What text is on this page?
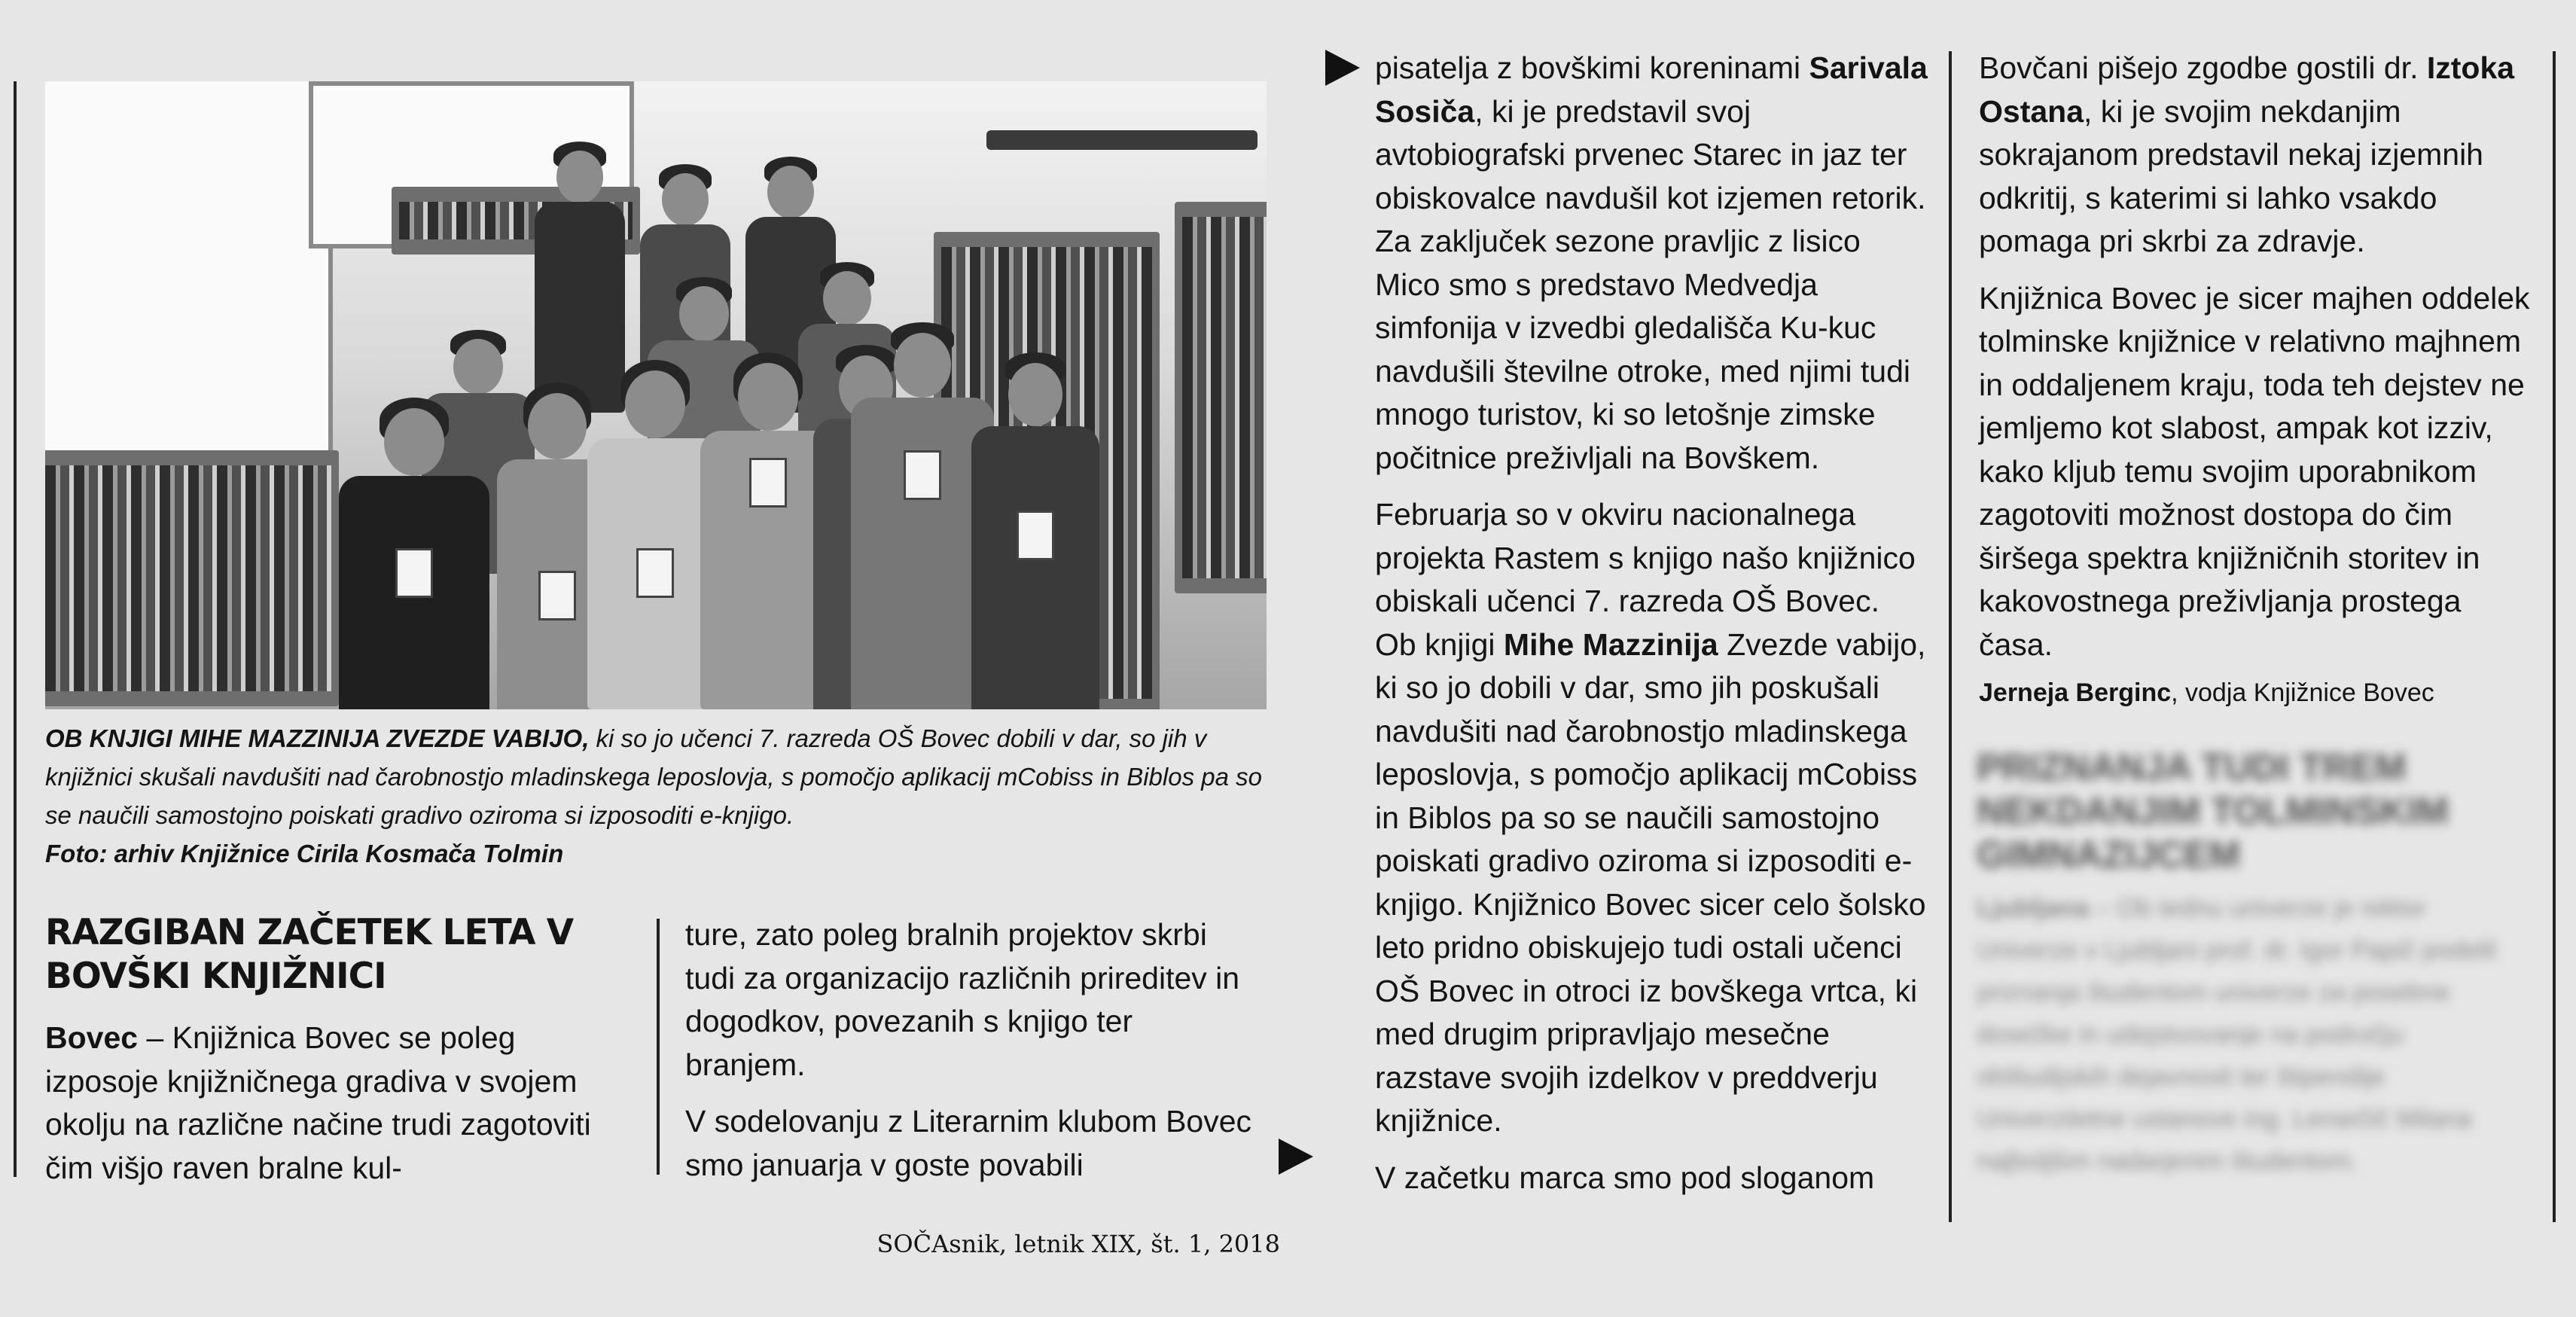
OB KNJIGI MIHE MAZZINIJA ZVEZDE VABIJO, ki so jo učenci 7. razreda OŠ Bovec dobili v dar, so jih v knjižnici skušali navdušiti nad čarobnostjo mladinskega leposlovja, s pomočjo aplikacij mCobiss in Biblos pa so se naučili samostojno poiskati gradivo oziroma si izposoditi e-knjigo.
Foto: arhiv Knjižnice Cirila Kosmača Tolmin
RAZGIBAN ZAČETEK LETA V
BOVŠKI KNJIŽNICI

Bovec – Knjižnica Bovec se poleg izposoje knjižničnega gradiva v svojem okolju na različne načine trudi zagotoviti čim višjo raven bralne kul-

ture, zato poleg bralnih projektov skrbi tudi za organizacijo različnih prireditev in dogodkov, povezanih s knjigo ter branjem.

V sodelovanju z Literarnim klubom Bovec smo januarja v goste povabili

pisatelja z bovškimi koreninami Sarivala Sosiča, ki je predstavil svoj avtobiografski prvenec Starec in jaz ter obiskovalce navdušil kot izjemen retorik. Za zaključek sezone pravljic z lisico Mico smo s predstavo Medvedja simfonija v izvedbi gledališča Ku-kuc navdušili številne otroke, med njimi tudi mnogo turistov, ki so letošnje zimske počitnice preživljali na Bovškem.

Februarja so v okviru nacionalnega projekta Rastem s knjigo našo knjižnico obiskali učenci 7. razreda OŠ Bovec. Ob knjigi Mihe Mazzinija Zvezde vabijo, ki so jo dobili v dar, smo jih poskušali navdušiti nad čarobnostjo mladinskega leposlovja, s pomočjo aplikacij mCobiss in Biblos pa so se naučili samostojno poiskati gradivo oziroma si izposoditi e-knjigo. Knjižnico Bovec sicer celo šolsko leto pridno obiskujejo tudi ostali učenci OŠ Bovec in otroci iz bovškega vrtca, ki med drugim pripravljajo mesečne razstave svojih izdelkov v preddverju knjižnice.

V začetku marca smo pod sloganom

Bovčani pišejo zgodbe gostili dr. Iztoka Ostana, ki je svojim nekdanjim sokrajanom predstavil nekaj izjemnih odkritij, s katerimi si lahko vsakdo pomaga pri skrbi za zdravje.

Knjižnica Bovec je sicer majhen oddelek tolminske knjižnice v relativno majhnem in oddaljenem kraju, toda teh dejstev ne jemljemo kot slabost, ampak kot izziv, kako kljub temu svojim uporabnikom zagotoviti možnost dostopa do čim širšega spektra knjižničnih storitev in kakovostnega preživljanja prostega časa.

Jerneja Berginc, vodja Knjižnice Bovec
PRIZNANJA TUDI TREM NEKDANJIM TOLMINSKIM GIMNAZIJCEM
Ljubljana – Ob tednu univerze je rektor Univerze v Ljubljani prof. dr. Igor Papič podelil priznanja študentom univerze za posebne dosežke in udejstvovanje na področju obštudijskih dejavnosti ter štipendije Univerzitetne ustanove ing. Lenarčič Milana najboljšim nadarjenim študentom.
SOČAsnik, letnik XIX, št. 1, 2018
